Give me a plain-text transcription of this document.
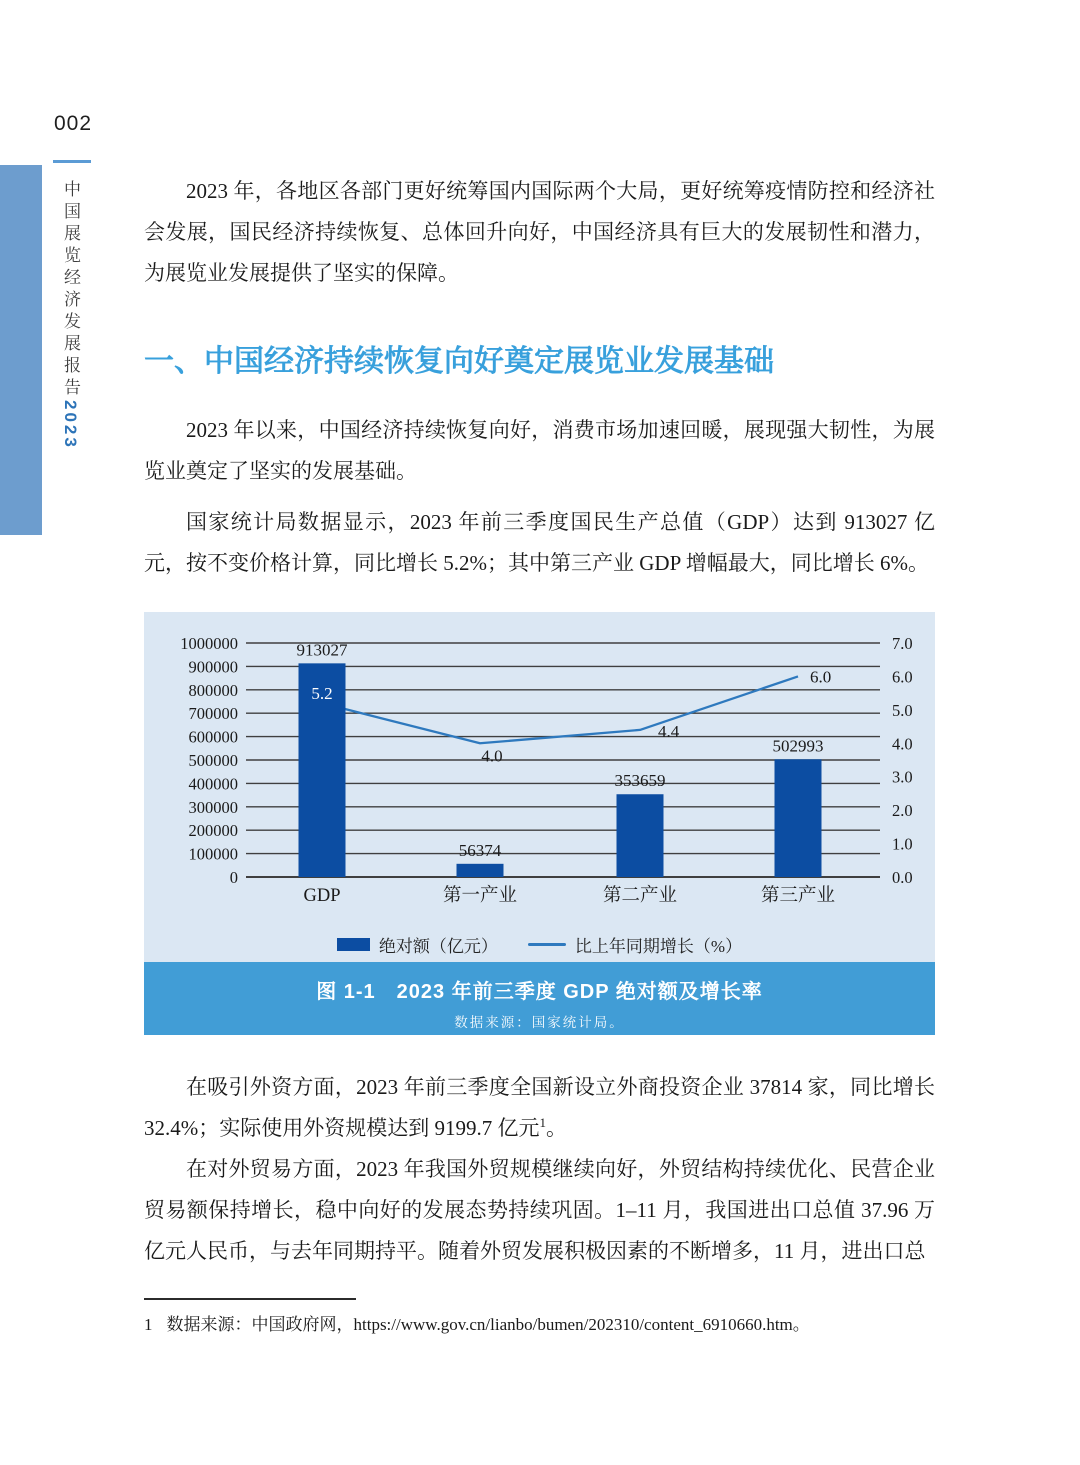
002
中国展览经济发展报告2023

2023 年，各地区各部门更好统筹国内国际两个大局，更好统筹疫情防控和经济社会发展，国民经济持续恢复、总体回升向好，中国经济具有巨大的发展韧性和潜力，为展览业发展提供了坚实的保障。

一、中国经济持续恢复向好奠定展览业发展基础

2023 年以来，中国经济持续恢复向好，消费市场加速回暖，展现强大韧性，为展览业奠定了坚实的发展基础。

国家统计局数据显示，2023 年前三季度国民生产总值（GDP）达到 913027 亿元，按不变价格计算，同比增长 5.2%；其中第三产业 GDP 增幅最大，同比增长 6%。

0
100000
200000
300000
400000
500000
600000
700000
800000
900000
1000000
0.0
1.0
2.0
3.0
4.0
5.0
6.0
7.0
913027
56374
353659
502993
5.2
4.0
4.4
6.0
GDP	第一产业	第二产业	第三产业
绝对额（亿元）	比上年同期增长（%）
图 1-1　2023 年前三季度 GDP 绝对额及增长率
数据来源：国家统计局。

在吸引外资方面，2023 年前三季度全国新设立外商投资企业 37814 家，同比增长 32.4%；实际使用外资规模达到 9199.7 亿元$^1$。

在对外贸易方面，2023 年我国外贸规模继续向好，外贸结构持续优化、民营企业贸易额保持增长，稳中向好的发展态势持续巩固。1–11 月，我国进出口总值 37.96 万亿元人民币，与去年同期持平。随着外贸发展积极因素的不断增多，11 月，进出口总

1 数据来源：中国政府网，https://www.gov.cn/lianbo/bumen/202310/content_6910660.htm。
